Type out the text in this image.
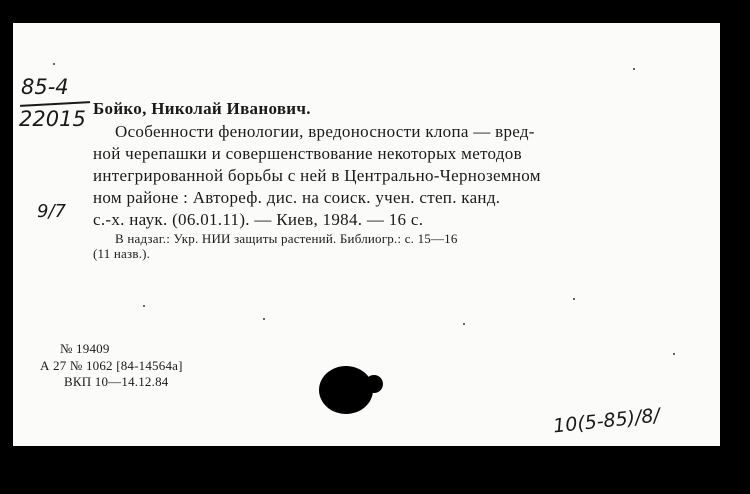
85-4
22015
9/7
Бойко, Николай Иванович.
Особенности фенологии, вредоносности клопа — вред-
ной черепашки и совершенствование некоторых методов
интегрированной борьбы с ней в Центрально-Черноземном
ном районе : Автореф. дис. на соиск. учен. степ. канд.
с.-х. наук. (06.01.11). — Киев, 1984. — 16 с.
В надзаг.: Укр. НИИ защиты растений. Библиогр.: с. 15—16
(11 назв.).
№ 19409
А 27 № 1062 [84-14564а]
ВКП 10—14.12.84
10(5-85)/8/
